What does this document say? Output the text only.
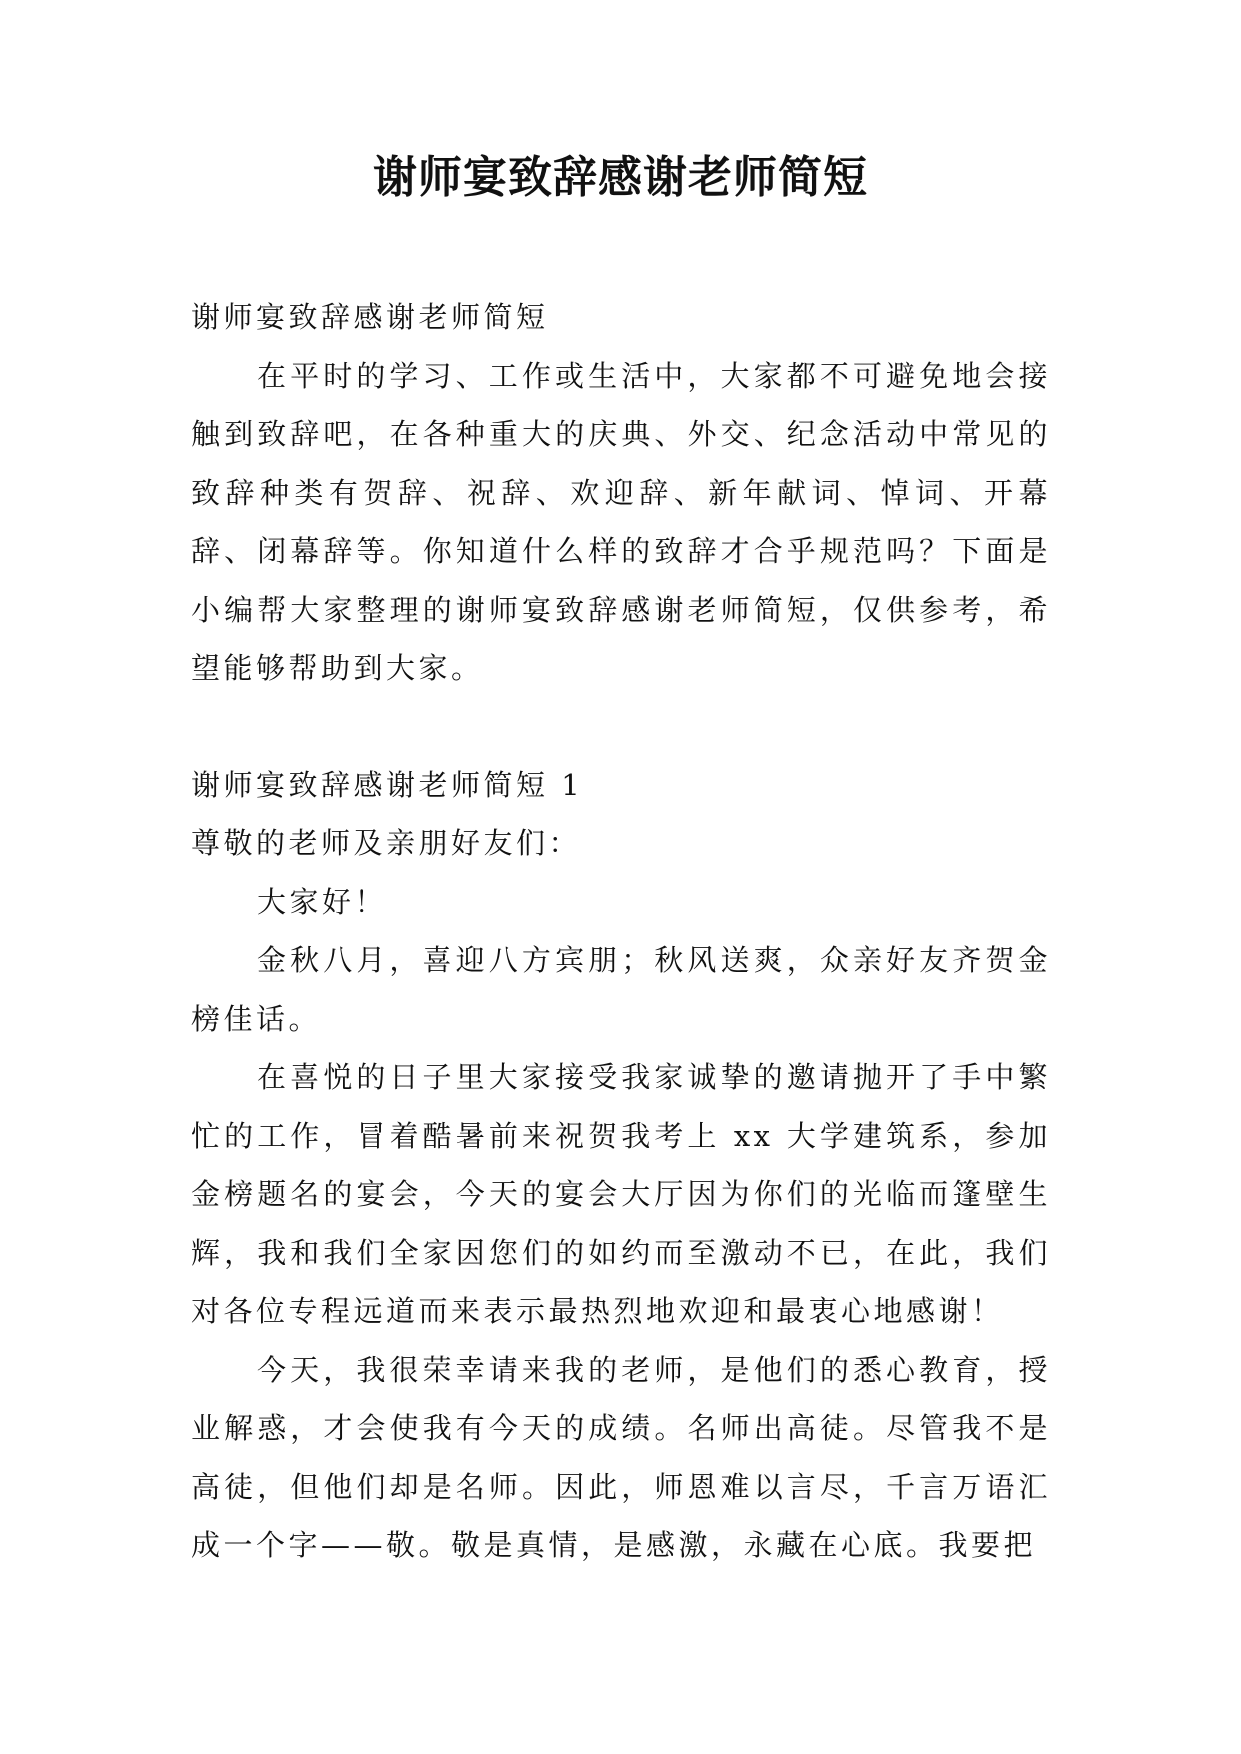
谢师宴致辞感谢老师简短

谢师宴致辞感谢老师简短

在平时的学习、工作或生活中，大家都不可避免地会接触到致辞吧，在各种重大的庆典、外交、纪念活动中常见的致辞种类有贺辞、祝辞、欢迎辞、新年献词、悼词、开幕辞、闭幕辞等。你知道什么样的致辞才合乎规范吗？下面是小编帮大家整理的谢师宴致辞感谢老师简短，仅供参考，希望能够帮助到大家。

谢师宴致辞感谢老师简短 1

尊敬的老师及亲朋好友们：

大家好！

金秋八月，喜迎八方宾朋；秋风送爽，众亲好友齐贺金榜佳话。

在喜悦的日子里大家接受我家诚挚的邀请抛开了手中繁忙的工作，冒着酷暑前来祝贺我考上 xx 大学建筑系，参加金榜题名的宴会，今天的宴会大厅因为你们的光临而篷壁生辉，我和我们全家因您们的如约而至激动不已，在此，我们对各位专程远道而来表示最热烈地欢迎和最衷心地感谢！

今天，我很荣幸请来我的老师，是他们的悉心教育，授业解惑，才会使我有今天的成绩。名师出高徒。尽管我不是高徒，但他们却是名师。因此，师恩难以言尽，千言万语汇成一个字——敬。敬是真情，是感激，永藏在心底。我要把
